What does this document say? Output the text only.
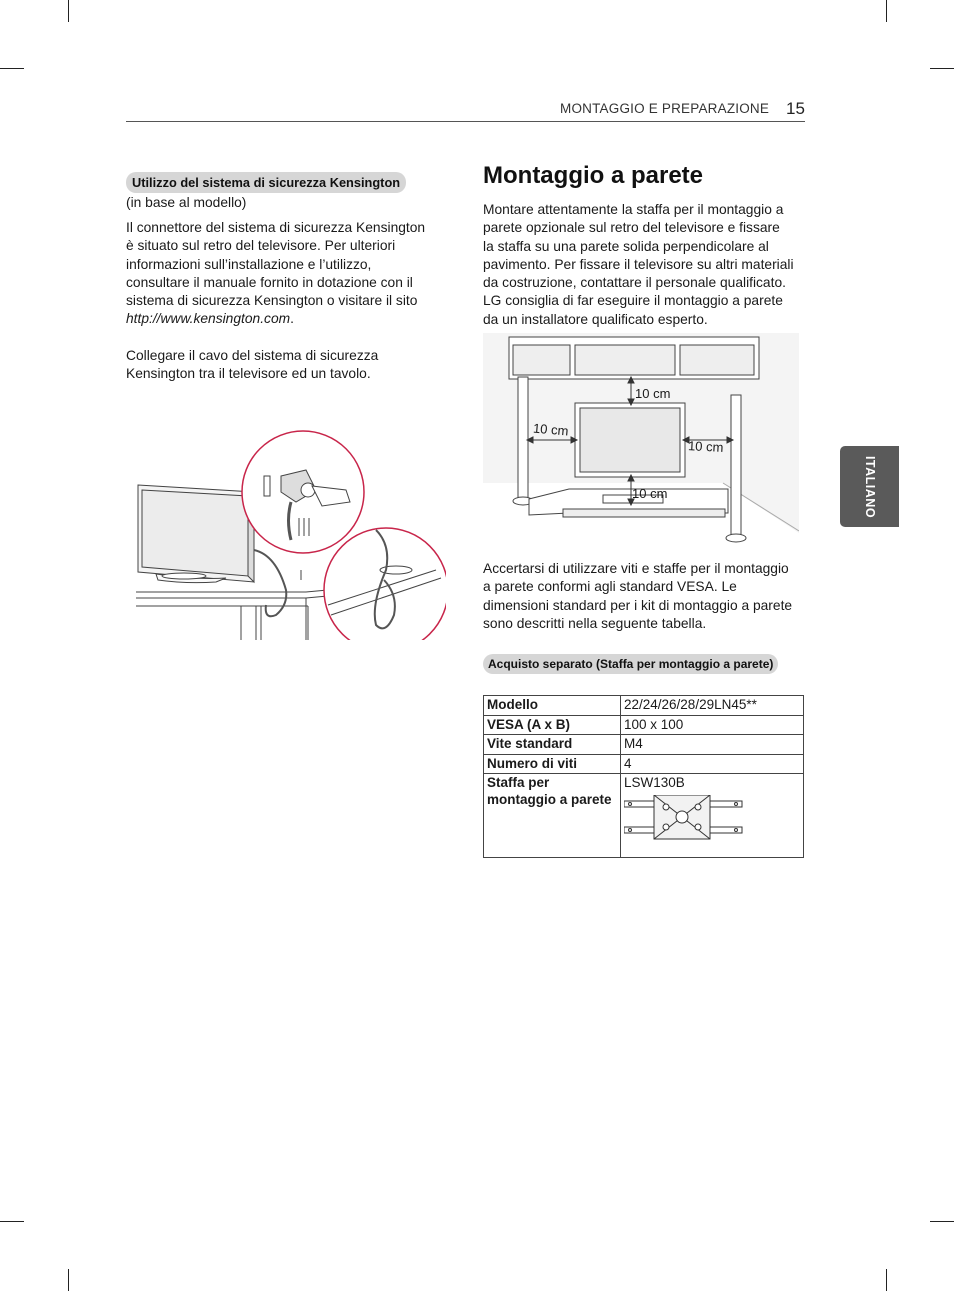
MONTAGGIO E PREPARAZIONE 15
ITALIANO
Utilizzo del sistema di sicurezza Kensington
(in base al modello)
Il connettore del sistema di sicurezza Kensington
è situato sul retro del televisore. Per ulteriori
informazioni sull’installazione e l’utilizzo,
consultare il manuale fornito in dotazione con il
sistema di sicurezza Kensington o visitare il sito
http://www.kensington.com.
Collegare il cavo del sistema di sicurezza
Kensington tra il televisore ed un tavolo.
Montaggio a parete
Montare attentamente la staffa per il montaggio a
parete opzionale sul retro del televisore e fissare
la staffa su una parete solida perpendicolare al
pavimento. Per fissare il televisore su altri materiali
da costruzione, contattare il personale qualificato.
LG consiglia di far eseguire il montaggio a parete
da un installatore qualificato esperto.
10 cm
10 cm
10 cm
10 cm
Accertarsi di utilizzare viti e staffe per il montaggio
a parete conformi agli standard VESA. Le
dimensioni standard per i kit di montaggio a parete
sono descritti nella seguente tabella.
Acquisto separato (Staffa per montaggio a parete)
Modello	22/24/26/28/29LN45**
VESA (A x B)	100 x 100
Vite standard	M4
Numero di viti	4

Staffa per
montaggio a parete	LSW130B
